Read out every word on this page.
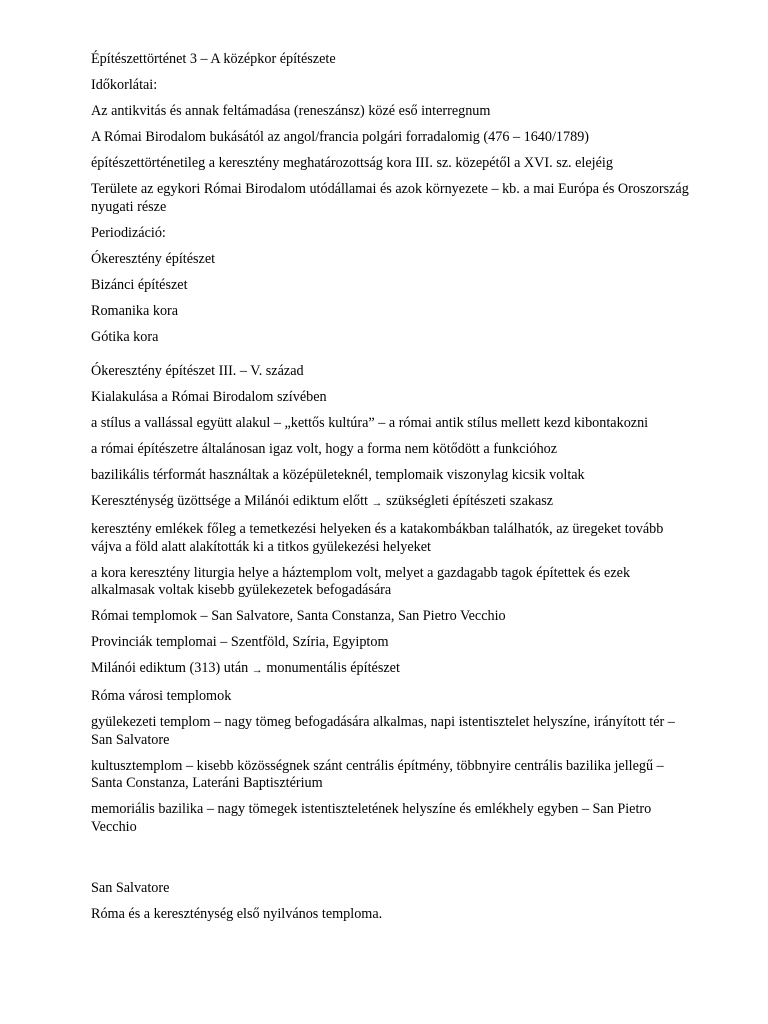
Építészettörténet 3 – A középkor építészete

Időkorlátai:

Az antikvitás és annak feltámadása (reneszánsz) közé eső interregnum

A Római Birodalom bukásától az angol/francia polgári forradalomig (476 – 1640/1789)

építészettörténetileg a keresztény meghatározottság kora III. sz. közepétől a XVI. sz. elejéig

Területe az egykori Római Birodalom utódállamai és azok környezete – kb. a mai Európa és Oroszország nyugati része

Periodizáció:

Ókeresztény építészet

Bizánci építészet

Romanika kora

Gótika kora

Ókeresztény építészet III. – V. század

Kialakulása a Római Birodalom szívében

a stílus a vallással együtt alakul – „kettős kultúra” – a római antik stílus mellett kezd kibontakozni

a római építészetre általánosan igaz volt, hogy a forma nem kötődött a funkcióhoz

bazilikális térformát használtak a középületeknél, templomaik viszonylag kicsik voltak

Kereszténység üzöttsége a Milánói ediktum előtt → szükségleti építészeti szakasz

keresztény emlékek főleg a temetkezési helyeken és a katakombákban találhatók, az üregeket tovább vájva a föld alatt alakították ki a titkos gyülekezési helyeket

a kora keresztény liturgia helye a háztemplom volt, melyet a gazdagabb tagok építettek és ezek alkalmasak voltak kisebb gyülekezetek befogadására

Római templomok – San Salvatore, Santa Constanza, San Pietro Vecchio

Provinciák templomai – Szentföld, Szíria, Egyiptom

Milánói ediktum (313) után → monumentális építészet

Róma városi templomok

gyülekezeti templom – nagy tömeg befogadására alkalmas, napi istentisztelet helyszíne, irányított tér – San Salvatore

kultusztemplom – kisebb közösségnek szánt centrális építmény, többnyire centrális bazilika jellegű – Santa Constanza, Lateráni Baptisztérium

memoriális bazilika – nagy tömegek istentiszteletének helyszíne és emlékhely egyben – San Pietro Vecchio

San Salvatore

Róma és a kereszténység első nyilvános temploma.
